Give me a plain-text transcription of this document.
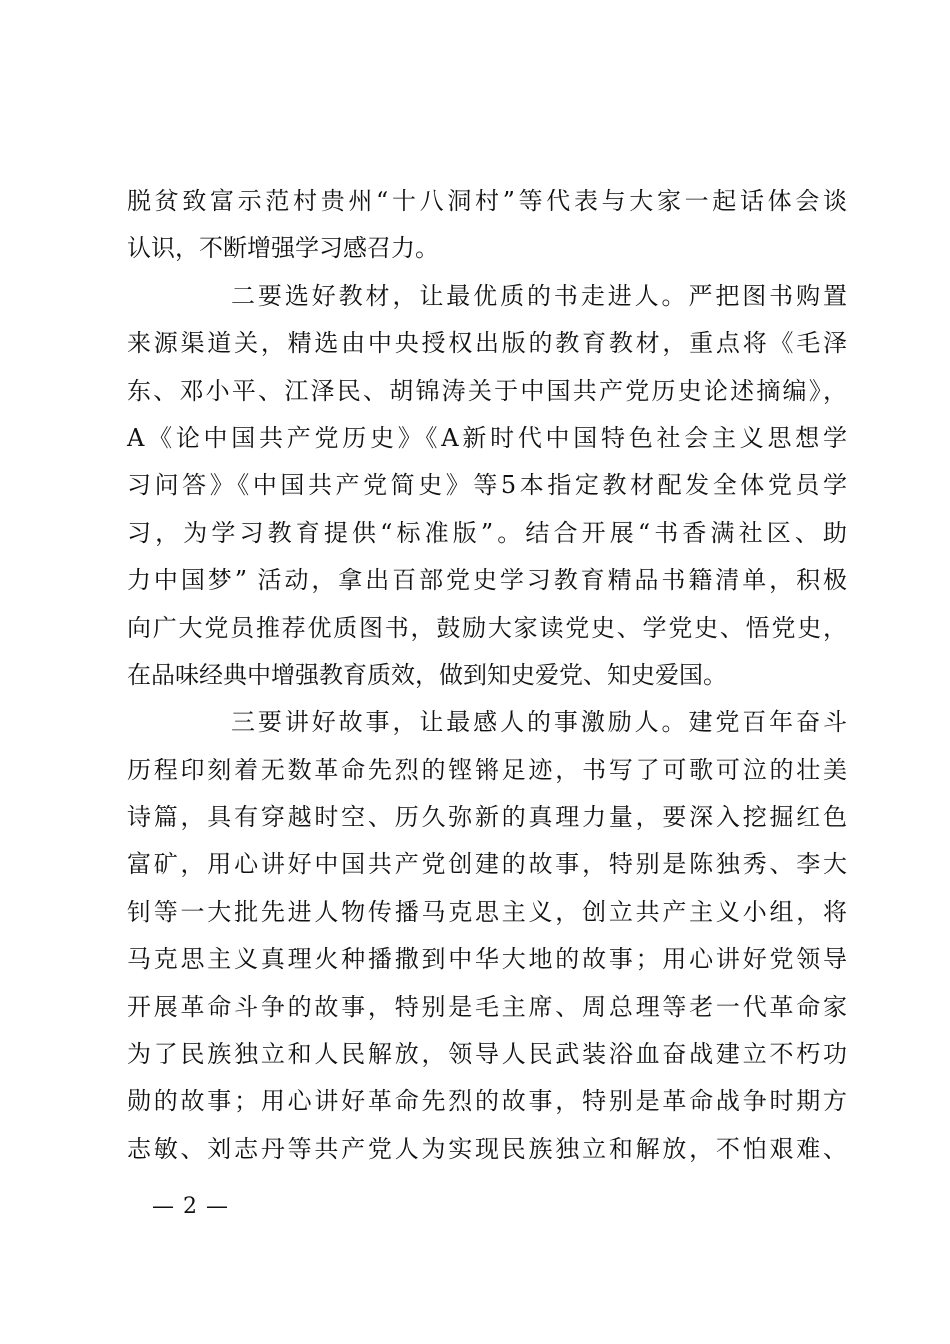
脱贫致富示范村贵州“十八洞村”等代表与大家一起话体会谈
认识，不断增强学习感召力。
二要选好教材，让最优质的书走进人。严把图书购置
来源渠道关，精选由中央授权出版的教育教材，重点将《毛泽
东、邓小平、江泽民、胡锦涛关于中国共产党历史论述摘编》，
A《论中国共产党历史》《A新时代中国特色社会主义思想学
习问答》《中国共产党简史》等5本指定教材配发全体党员学
习，为学习教育提供“标准版”。结合开展“书香满社区、助
力中国梦” 活动，拿出百部党史学习教育精品书籍清单，积极
向广大党员推荐优质图书，鼓励大家读党史、学党史、悟党史，
在品味经典中增强教育质效，做到知史爱党、知史爱国。
三要讲好故事，让最感人的事激励人。建党百年奋斗
历程印刻着无数革命先烈的铿锵足迹，书写了可歌可泣的壮美
诗篇，具有穿越时空、历久弥新的真理力量，要深入挖掘红色
富矿，用心讲好中国共产党创建的故事，特别是陈独秀、李大
钊等一大批先进人物传播马克思主义，创立共产主义小组，将
马克思主义真理火种播撒到中华大地的故事；用心讲好党领导
开展革命斗争的故事，特别是毛主席、周总理等老一代革命家
为了民族独立和人民解放，领导人民武装浴血奋战建立不朽功
勋的故事；用心讲好革命先烈的故事，特别是革命战争时期方
志敏、刘志丹等共产党人为实现民族独立和解放，不怕艰难、
— 2 —
